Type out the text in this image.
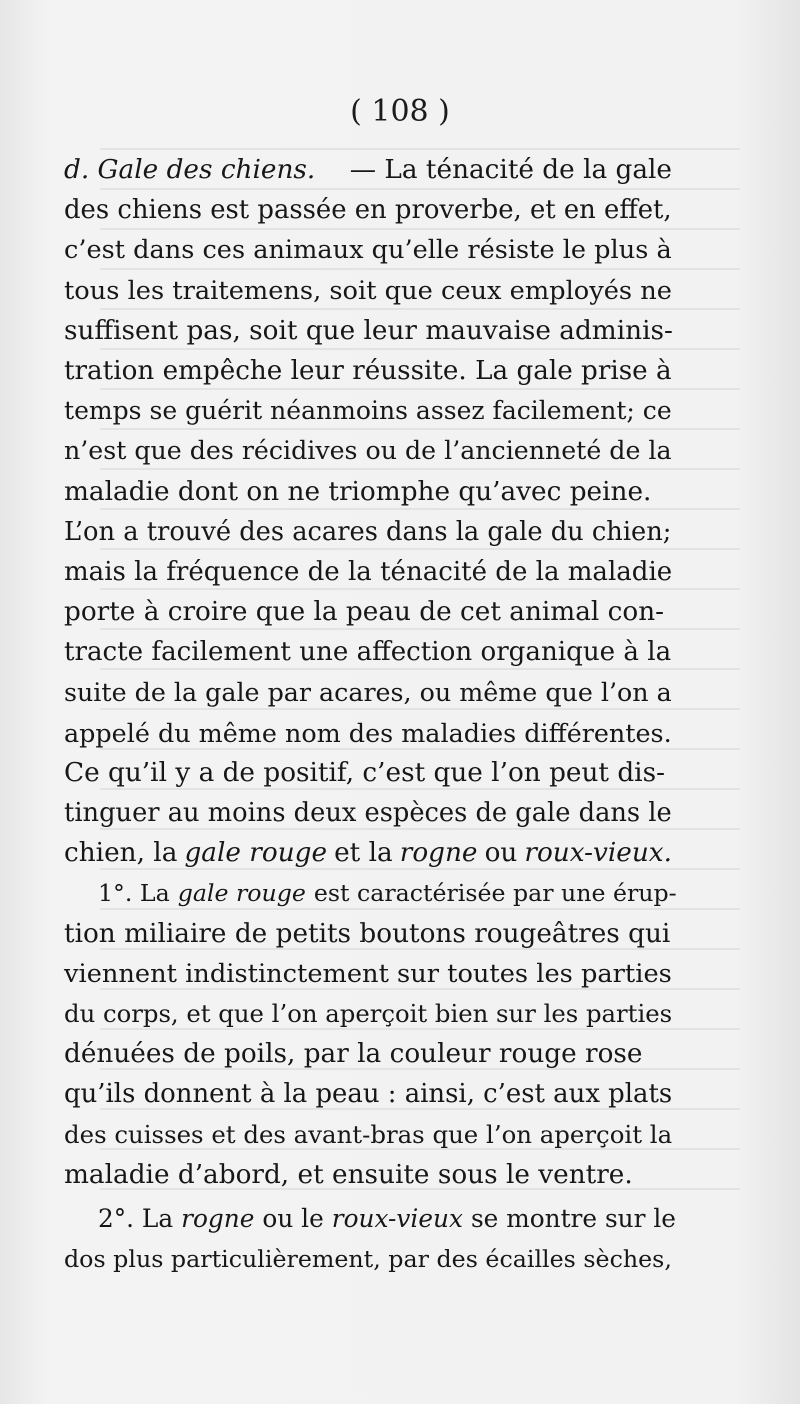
( 108 )
d. Gale des chiens. — La ténacité de la gale
des chiens est passée en proverbe, et en effet,
c’est dans ces animaux qu’elle résiste le plus à
tous les traitemens, soit que ceux employés ne
suffisent pas, soit que leur mauvaise adminis-
tration empêche leur réussite. La gale prise à
temps se guérit néanmoins assez facilement; ce
n’est que des récidives ou de l’ancienneté de la
maladie dont on ne triomphe qu’avec peine.
L’on a trouvé des acares dans la gale du chien;
mais la fréquence de la ténacité de la maladie
porte à croire que la peau de cet animal con-
tracte facilement une affection organique à la
suite de la gale par acares, ou même que l’on a
appelé du même nom des maladies différentes.
Ce qu’il y a de positif, c’est que l’on peut dis-
tinguer au moins deux espèces de gale dans le
chien, la gale rouge et la rogne ou roux-vieux.
1°. La gale rouge est caractérisée par une érup-
tion miliaire de petits boutons rougeâtres qui
viennent indistinctement sur toutes les parties
du corps, et que l’on aperçoit bien sur les parties
dénuées de poils, par la couleur rouge rose
qu’ils donnent à la peau : ainsi, c’est aux plats
des cuisses et des avant-bras que l’on aperçoit la
maladie d’abord, et ensuite sous le ventre.
2°. La rogne ou le roux-vieux se montre sur le
dos plus particulièrement, par des écailles sèches,
